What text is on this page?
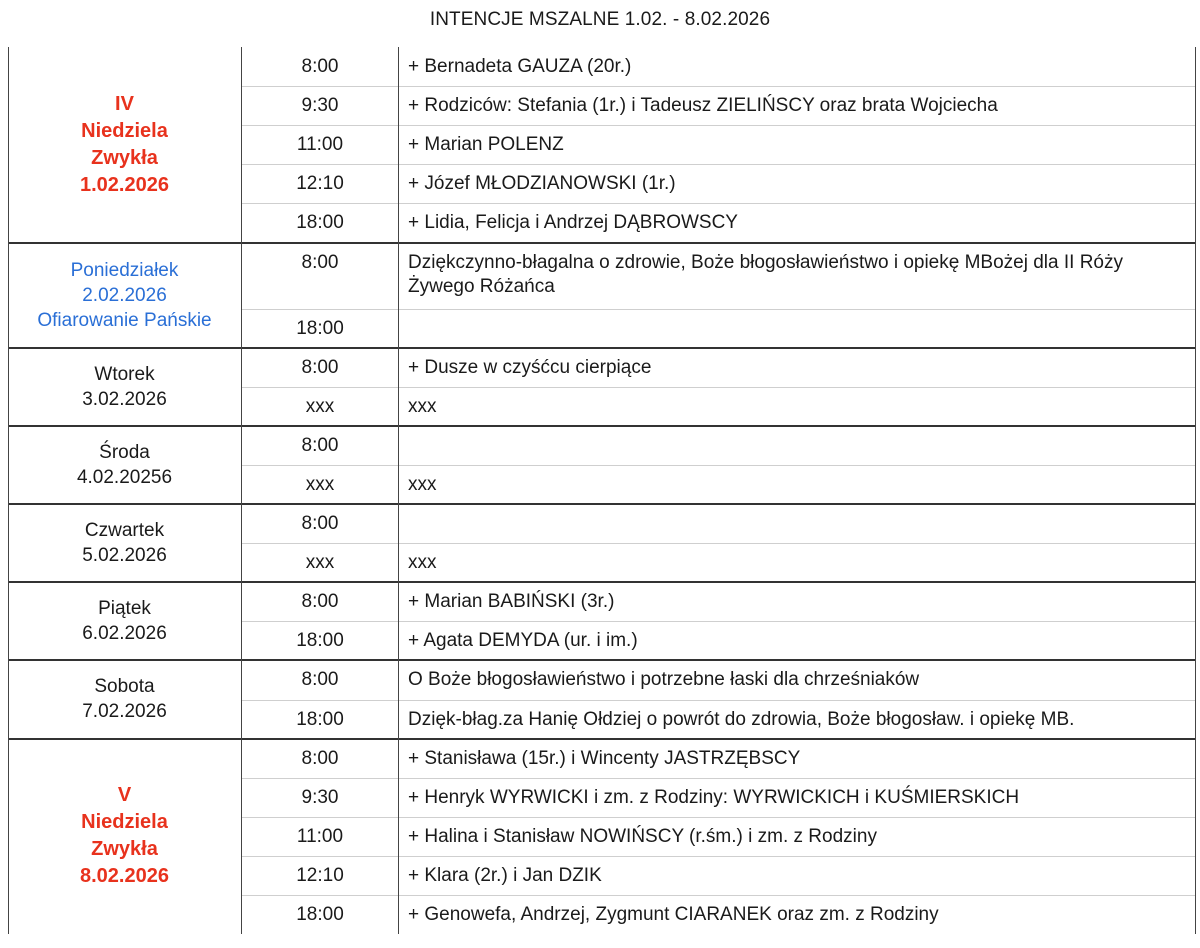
INTENCJE MSZALNE 1.02. - 8.02.2026
IV
Niedziela
Zwykła
1.02.2026
8:00	+ Bernadeta GAUZA (20r.)
9:30	+ Rodziców: Stefania (1r.) i Tadeusz ZIELIŃSCY oraz brata Wojciecha
11:00	+ Marian POLENZ
12:10	+ Józef MŁODZIANOWSKI (1r.)
18:00	+ Lidia, Felicja i Andrzej DĄBROWSCY
Poniedziałek
2.02.2026
Ofiarowanie Pańskie
8:00	Dziękczynno-błagalna o zdrowie, Boże błogosławieństwo i opiekę MBożej dla II Róży Żywego Różańca
18:00
Wtorek
3.02.2026
8:00	+ Dusze w czyśćcu cierpiące
xxx	xxx
Środa
4.02.20256
8:00
xxx	xxx
Czwartek
5.02.2026
8:00
xxx	xxx
Piątek
6.02.2026
8:00	+ Marian BABIŃSKI (3r.)
18:00	+ Agata DEMYDA (ur. i im.)
Sobota
7.02.2026
8:00	O Boże błogosławieństwo i potrzebne łaski dla chrześniaków
18:00	Dzięk-błag.za Hanię Ołdziej o powrót do zdrowia, Boże błogosław. i opiekę MB.
V
Niedziela
Zwykła
8.02.2026
8:00	+ Stanisława (15r.) i Wincenty JASTRZĘBSCY
9:30	+ Henryk WYRWICKI i zm. z Rodziny: WYRWICKICH i KUŚMIERSKICH
11:00	+ Halina i Stanisław NOWIŃSCY (r.śm.) i zm. z Rodziny
12:10	+ Klara (2r.) i Jan DZIK
18:00	+ Genowefa, Andrzej, Zygmunt CIARANEK oraz zm. z Rodziny
